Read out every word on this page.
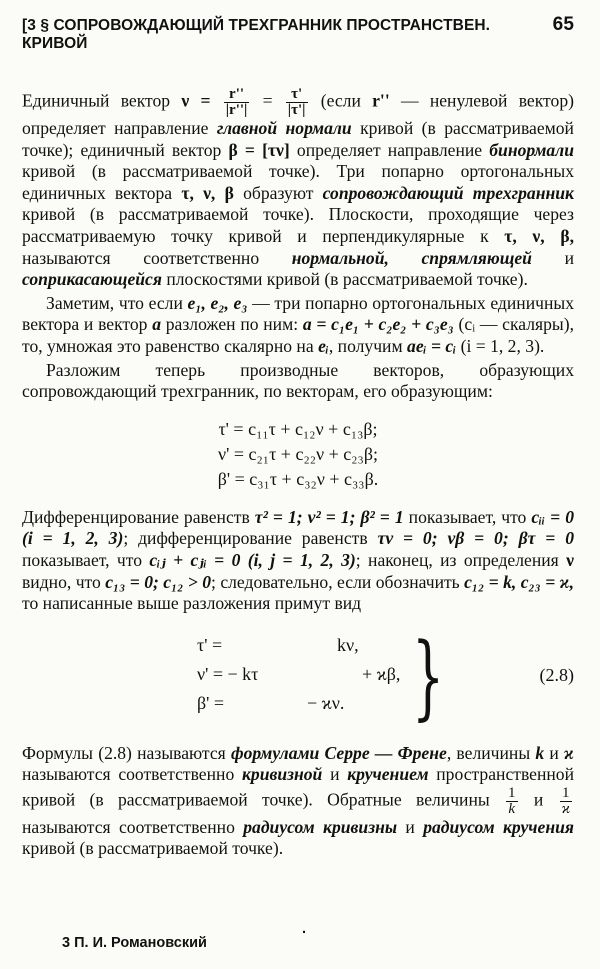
[3 § СОПРОВОЖДАЮЩИЙ ТРЕХГРАННИК ПРОСТРАНСТВЕН. КРИВОЙ
65

Единичный вектор $\nu = \frac{r''}{|r''|} = \frac{\tau'}{|\tau'|}$ (если r'' — ненулевой вектор) определяет направление главной нормали кривой (в рассматриваемой точке); единичный вектор β = [τν] определяет направление бинормали кривой (в рассматриваемой точке). Три попарно ортогональных единичных вектора τ, ν, β образуют сопровождающий трехгранник кривой (в рассматриваемой точке). Плоскости, проходящие через рассматриваемую точку кривой и перпендикулярные к τ, ν, β, называются соответственно нормальной, спрямляющей и соприкасающейся плоскостями кривой (в рассматриваемой точке).

Заметим, что если e₁, e₂, e₃ — три попарно ортогональных единичных вектора и вектор a разложен по ним: a = c₁e₁ + c₂e₂ + c₃e₃ (cᵢ — скаляры), то, умножая это равенство скалярно на eᵢ, получим aeᵢ = cᵢ (i = 1, 2, 3).

Разложим теперь производные векторов, образующих сопровождающий трехгранник, по векторам, его образующим:

τ' = c₁₁τ + c₁₂ν + c₁₃β;
ν' = c₂₁τ + c₂₂ν + c₂₃β;
β' = c₃₁τ + c₃₂ν + c₃₃β.

Дифференцирование равенств τ² = 1; ν² = 1; β² = 1 показывает, что cᵢᵢ = 0 (i = 1, 2, 3); дифференцирование равенств τν = 0; νβ = 0; βτ = 0 показывает, что cᵢⱼ + cⱼᵢ = 0 (i, j = 1, 2, 3); наконец, из определения ν видно, что c₁₃ = 0; c₁₂ > 0; следовательно, если обозначить c₁₂ = k, c₂₃ = ϰ, то написанные выше разложения примут вид

τ' =	kν,
ν' = − kτ	+ ϰβ,
β' =	− ϰν. }	(2.8)

Формулы (2.8) называются формулами Серре — Френе, величины k и ϰ называются соответственно кривизной и кручением пространственной кривой (в рассматриваемой точке). Обратные величины $\frac{1}{k}$ и $\frac{1}{ϰ}$
называются соответственно радиусом кривизны и радиусом кручения кривой (в рассматриваемой точке).

3 П. И. Романовский
·
